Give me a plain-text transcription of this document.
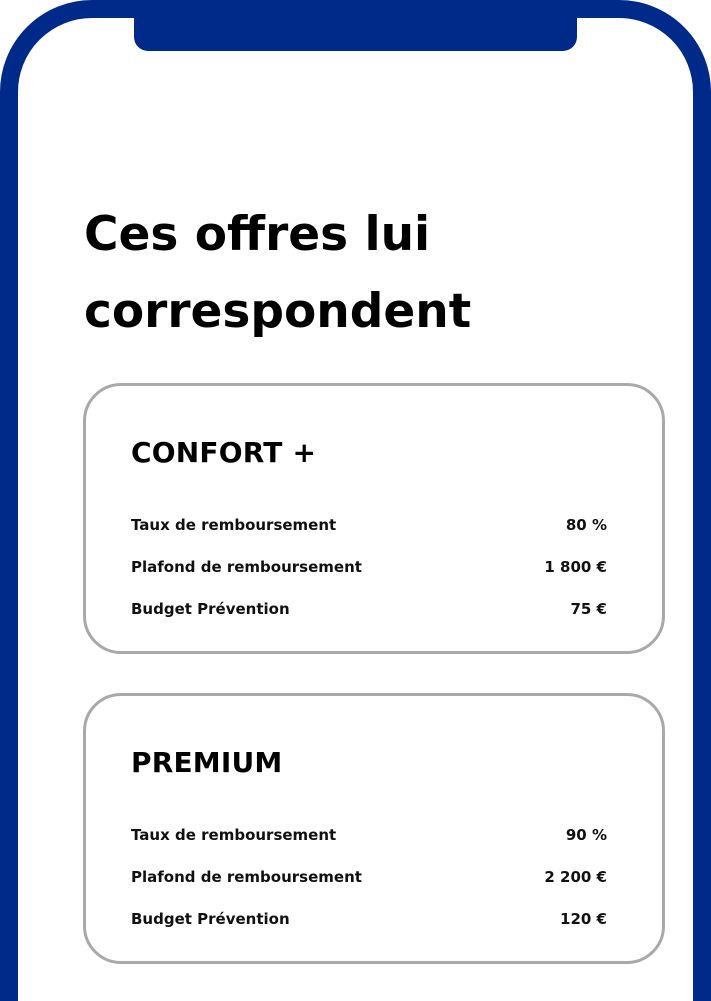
Ces offres lui correspondent
CONFORT +
Taux de remboursement	80 %
Plafond de remboursement	1 800 €
Budget Prévention	75 €
PREMIUM
Taux de remboursement	90 %
Plafond de remboursement	2 200 €
Budget Prévention	120 €
